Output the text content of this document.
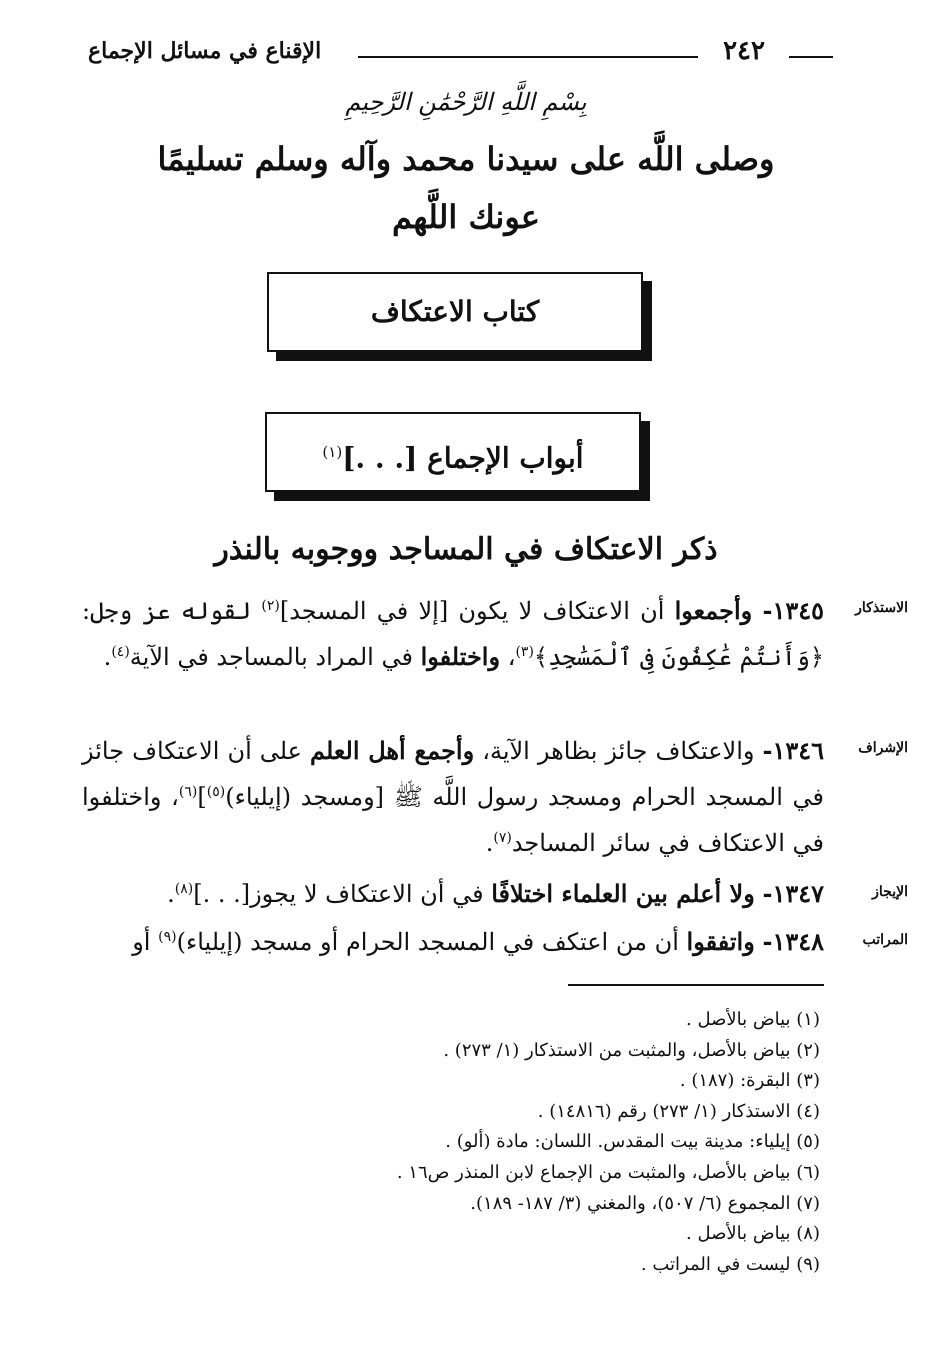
٢٤٢
الإقناع في مسائل الإجماع
بِسْمِ اللَّهِ الرَّحْمَٰنِ الرَّحِيمِ
وصلى اللَّه على سيدنا محمد وآله وسلم تسليمًا
عونك اللَّهم
كتاب الاعتكاف
أبواب الإجماع [. . .]$^{(١)}$
ذكر الاعتكاف في المساجد ووجوبه بالنذر
الاستذكار
الإشراف
الإيجاز
المراتب
١٣٤٥- وأجمعوا أن الاعتكاف لا يكون [إلا في المسجد]$^{(٢)}$ لقوله عز وجل: ﴿وَأَنتُمْ عَٰكِفُونَ فِى ٱلْمَسَٰجِدِ﴾$^{(٣)}$، واختلفوا في المراد بالمساجد في الآية$^{(٤)}$.
١٣٤٦- والاعتكاف جائز بظاهر الآية، وأجمع أهل العلم على أن الاعتكاف جائز في المسجد الحرام ومسجد رسول اللَّه ﷺ [ومسجد (إيلياء)$^{(٥)}$]$^{(٦)}$، واختلفوا في الاعتكاف في سائر المساجد$^{(٧)}$.
١٣٤٧- ولا أعلم بين العلماء اختلافًا في أن الاعتكاف لا يجوز[. . .]$^{(٨)}$.
١٣٤٨- واتفقوا أن من اعتكف في المسجد الحرام أو مسجد (إيلياء)$^{(٩)}$ أو
(١) بياض بالأصل .
(٢) بياض بالأصل، والمثبت من الاستذكار (١/ ٢٧٣) .
(٣) البقرة: (١٨٧) .
(٤) الاستذكار (١/ ٢٧٣) رقم (١٤٨١٦) .
(٥) إيلياء: مدينة بيت المقدس. اللسان: مادة (ألو) .
(٦) بياض بالأصل، والمثبت من الإجماع لابن المنذر ص١٦ .
(٧) المجموع (٦/ ٥٠٧)، والمغني (٣/ ١٨٧- ١٨٩).
(٨) بياض بالأصل .
(٩) ليست في المراتب .
